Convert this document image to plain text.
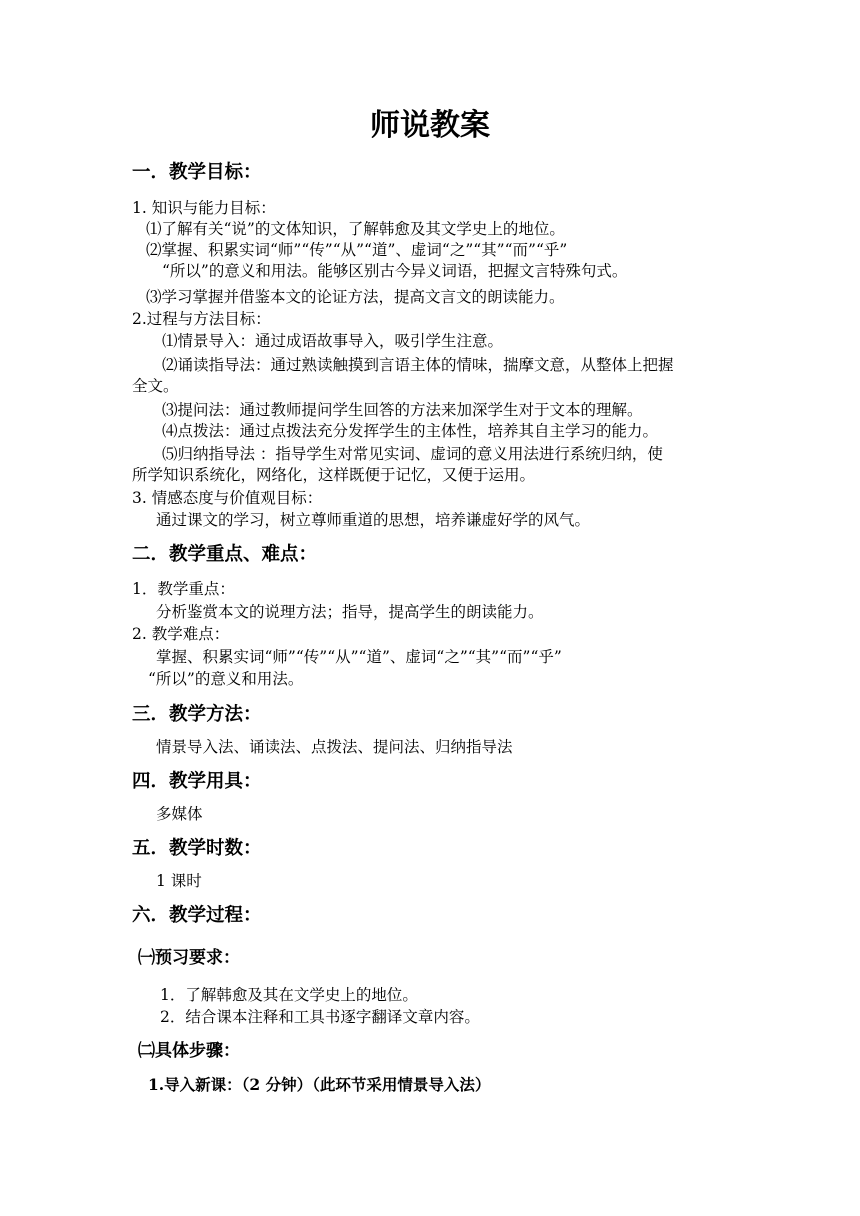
师说教案
一．教学目标：
1. 知识与能力目标：
⑴了解有关“说”的文体知识，了解韩愈及其文学史上的地位。
⑵掌握、积累实词“师”“传”“从”“道”、虚词“之”“其”“而”“乎”
“所以”的意义和用法。能够区别古今异义词语，把握文言特殊句式。
⑶学习掌握并借鉴本文的论证方法，提高文言文的朗读能力。
2.过程与方法目标：
⑴情景导入：通过成语故事导入，吸引学生注意。
⑵诵读指导法：通过熟读触摸到言语主体的情味，揣摩文意，从整体上把握
全文。
⑶提问法：通过教师提问学生回答的方法来加深学生对于文本的理解。
⑷点拨法：通过点拨法充分发挥学生的主体性，培养其自主学习的能力。
⑸归纳指导法 ：指导学生对常见实词、虚词的意义用法进行系统归纳，使
所学知识系统化，网络化，这样既便于记忆，又便于运用。
3. 情感态度与价值观目标：
通过课文的学习，树立尊师重道的思想，培养谦虚好学的风气。
二．教学重点、难点：
1．教学重点：
分析鉴赏本文的说理方法；指导，提高学生的朗读能力。
2. 教学难点：
掌握、积累实词“师”“传”“从”“道”、虚词“之”“其”“而”“乎”
“所以”的意义和用法。
三．教学方法：
情景导入法、诵读法、点拨法、提问法、归纳指导法
四．教学用具：
多媒体
五．教学时数：
1 课时
六．教学过程：
㈠预习要求：
1．了解韩愈及其在文学史上的地位。
2．结合课本注释和工具书逐字翻译文章内容。
㈡具体步骤：
1.导入新课：（2 分钟）（此环节采用情景导入法）
